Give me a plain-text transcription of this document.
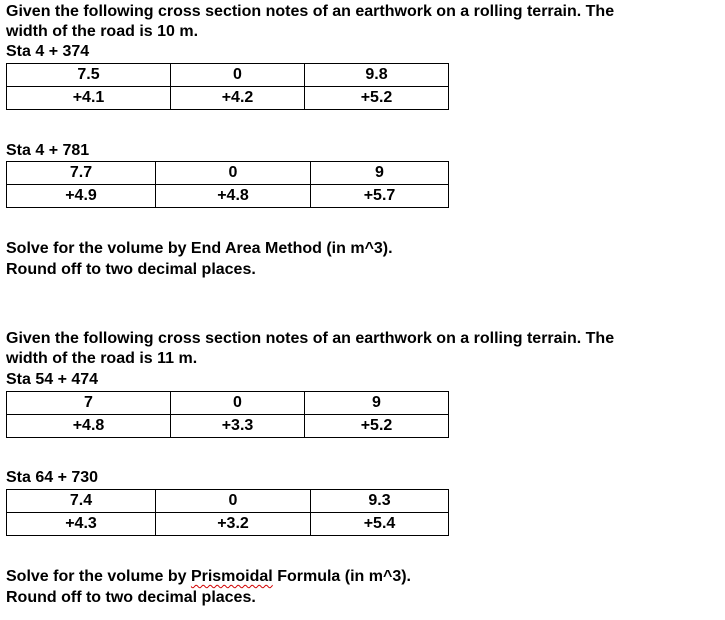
Given the following cross section notes of an earthwork on a rolling terrain. The
width of the road is 10 m.
Sta 4 + 374
7.5	0	9.8
+4.1	+4.2	+5.2
Sta 4 + 781
7.7	0	9
+4.9	+4.8	+5.7
Solve for the volume by End Area Method (in m^3).
Round off to two decimal places.
Given the following cross section notes of an earthwork on a rolling terrain. The
width of the road is 11 m.
Sta 54 + 474
7	0	9
+4.8	+3.3	+5.2
Sta 64 + 730
7.4	0	9.3
+4.3	+3.2	+5.4
Solve for the volume by Prismoidal Formula (in m^3).
Round off to two decimal places.
